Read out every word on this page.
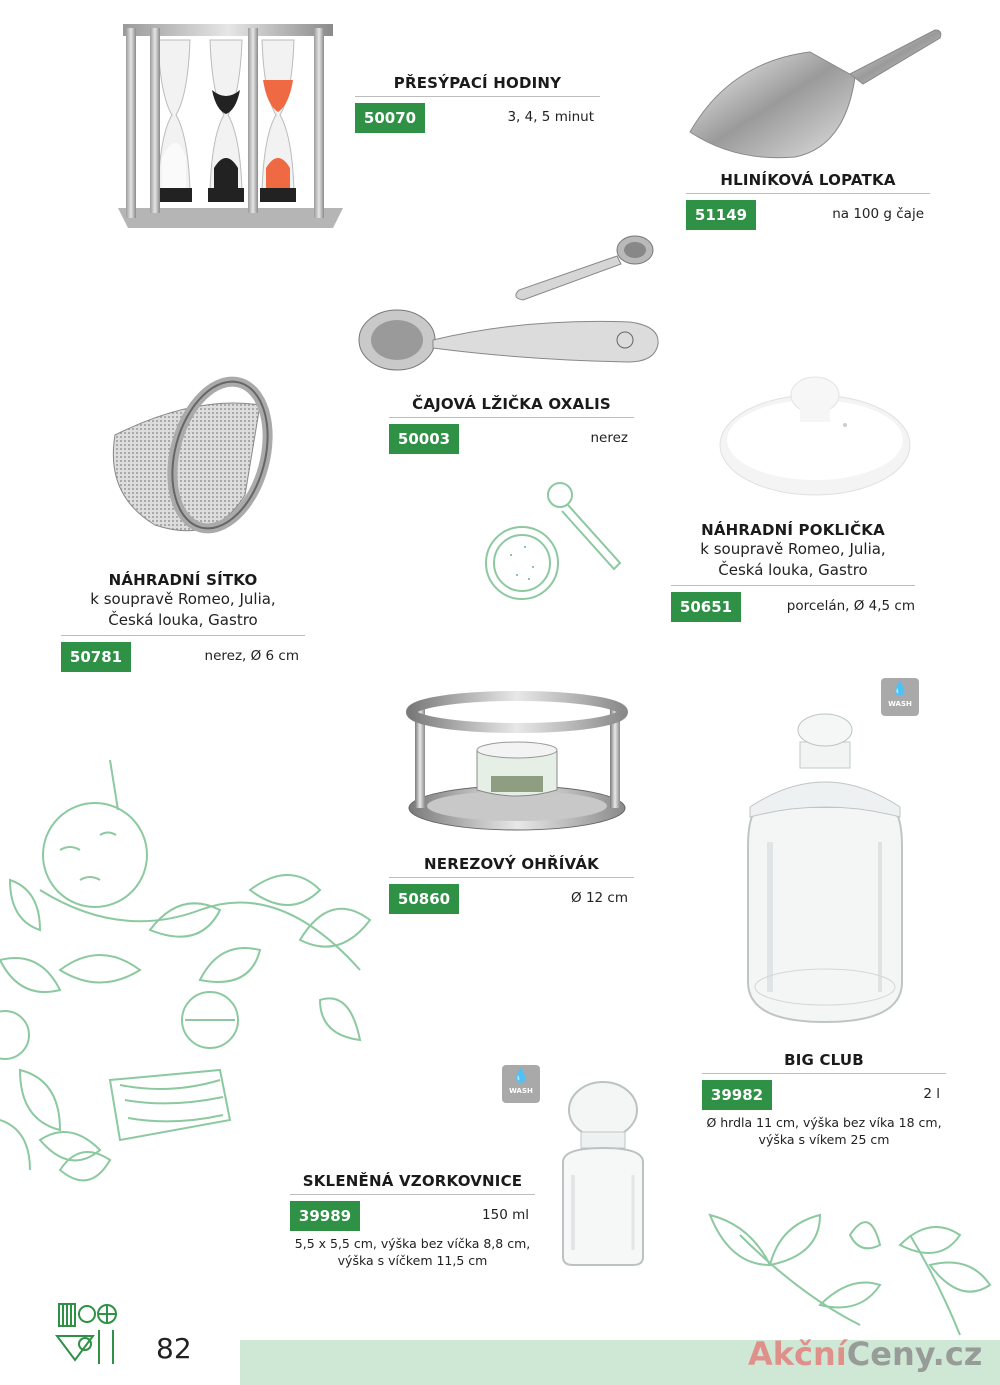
💧
WASH
💧
WASH
PŘESÝPACÍ HODINY
50070	3, 4, 5 minut
HLINÍKOVÁ LOPATKA
51149	na 100 g čaje
ČAJOVÁ LŽIČKA OXALIS
50003	nerez
NÁHRADNÍ POKLIČKA
k soupravě Romeo, Julia,
Česká louka, Gastro
50651	porcelán, Ø 4,5 cm
NÁHRADNÍ SÍTKO
k soupravě Romeo, Julia,
Česká louka, Gastro
50781	nerez, Ø 6 cm
NEREZOVÝ OHŘÍVÁK
50860	Ø 12 cm
BIG CLUB
39982	2 l
Ø hrdla 11 cm, výška bez víka 18 cm,
výška s víkem 25 cm
SKLENĚNÁ VZORKOVNICE
39989	150 ml
5,5 x 5,5 cm, výška bez víčka 8,8 cm,
výška s víčkem 11,5 cm
82	AkčníCeny.cz
